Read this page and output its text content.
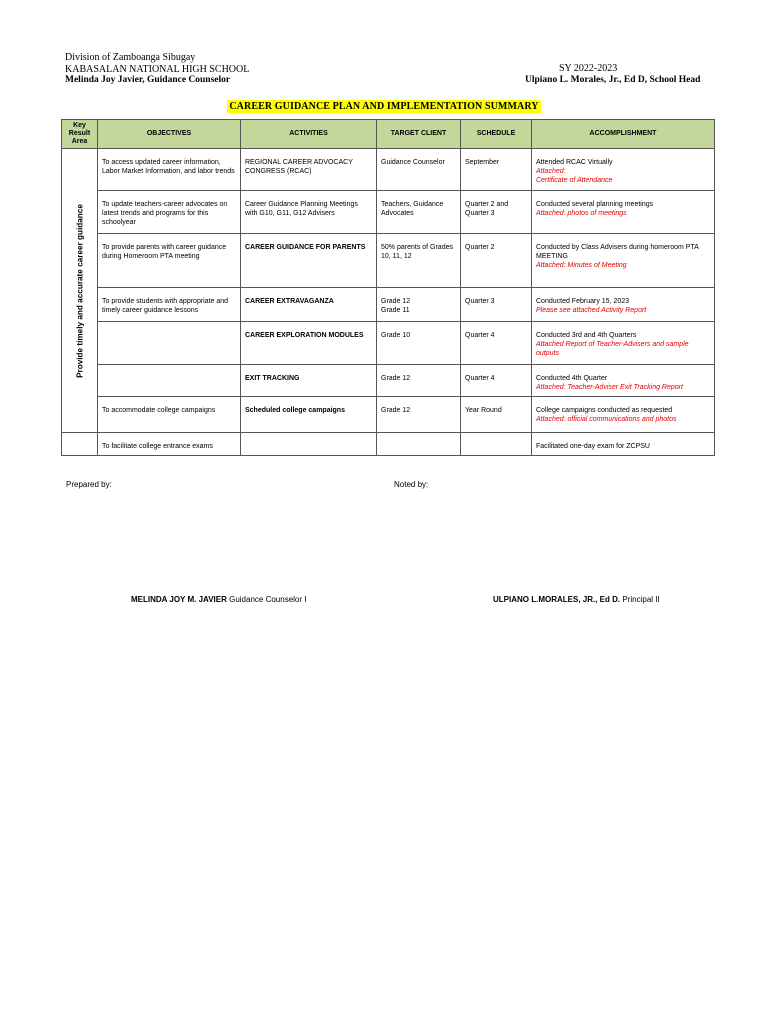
Division of Zamboanga Sibugay
KABASALAN NATIONAL HIGH SCHOOL
Melinda Joy Javier, Guidance Counselor
SY 2022-2023
Ulpiano L. Morales, Jr., Ed D, School Head
CAREER GUIDANCE PLAN AND IMPLEMENTATION SUMMARY
Key Result Area	OBJECTIVES	ACTIVITIES	TARGET CLIENT	SCHEDULE	ACCOMPLISHMENT

Provide timely and accurate career guidance	To access updated career information, Labor Market Information, and labor trends	REGIONAL CAREER ADVOCACY CONGRESS (RCAC)	Guidance Counselor	September	Attended RCAC Virtually
Attached:
Certificate of Attendance

	To update teachers-career advocates on latest trends and programs for this schoolyear	Career Guidance Planning Meetings with G10, G11, G12 Advisers	Teachers, Guidance Advocates	Quarter 2 and Quarter 3	Conducted several planning meetings
Attached: photos of meetings

	To provide parents with career guidance during Homeroom PTA meeting	CAREER GUIDANCE FOR PARENTS	50% parents of Grades 10, 11, 12	Quarter 2	Conducted by Class Advisers during homeroom PTA MEETING
Attached: Minutes of Meeting

	To provide students with appropriate and timely career guidance lessons	CAREER EXTRAVAGANZA	Grade 12
Grade 11	Quarter 3	Conducted February 15, 2023
Please see attached Activity Report

		CAREER EXPLORATION MODULES	Grade 10	Quarter 4	Conducted 3rd and 4th Quarters
Attached Report of Teacher-Advisers and sample outputs

		EXIT TRACKING	Grade 12	Quarter 4	Conducted 4th Quarter
Attached: Teacher-Adviser Exit Tracking Report

	To accommodate college campaigns	Scheduled college campaigns	Grade 12	Year Round	College campaigns conducted as requested
Attached: official communications and photos

	To facilitate college entrance exams				Facilitated one-day exam for ZCPSU
Prepared by:	Noted by:
MELINDA JOY M. JAVIER Guidance Counselor I	ULPIANO L.MORALES, JR., Ed D. Principal II
